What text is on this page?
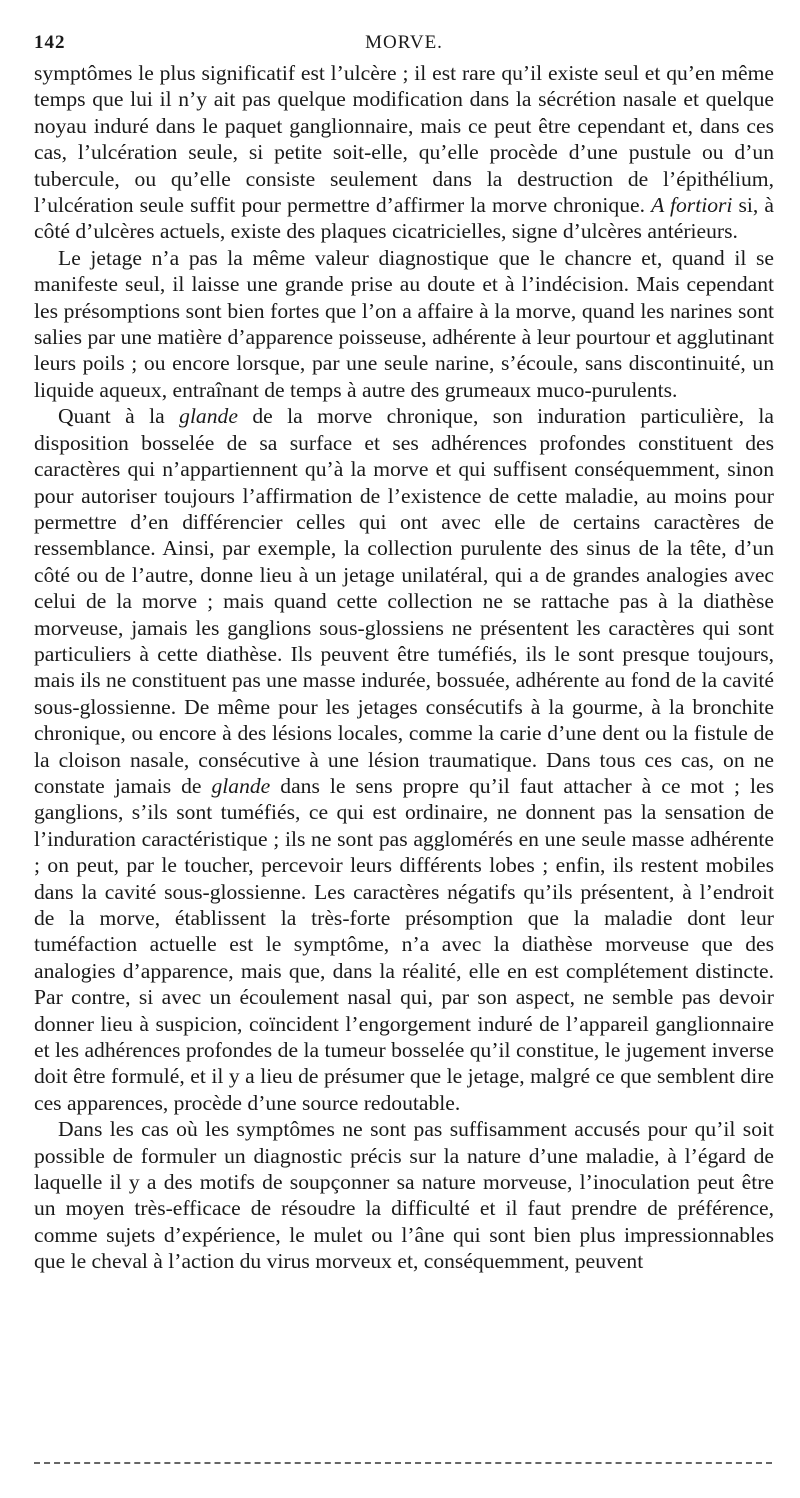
142	MORVE.

symptômes le plus significatif est l’ulcère ; il est rare qu’il existe seul et qu’en même temps que lui il n’y ait pas quelque modification dans la sécrétion nasale et quelque noyau induré dans le paquet ganglionnaire, mais ce peut être cependant et, dans ces cas, l’ulcération seule, si petite soit-elle, qu’elle procède d’une pustule ou d’un tubercule, ou qu’elle consiste seulement dans la destruction de l’épithélium, l’ulcération seule suffit pour permettre d’affirmer la morve chronique. A fortiori si, à côté d’ulcères actuels, existe des plaques cicatricielles, signe d’ulcères antérieurs.

Le jetage n’a pas la même valeur diagnostique que le chancre et, quand il se manifeste seul, il laisse une grande prise au doute et à l’indécision. Mais cependant les présomptions sont bien fortes que l’on a affaire à la morve, quand les narines sont salies par une matière d’apparence poisseuse, adhérente à leur pourtour et agglutinant leurs poils ; ou encore lorsque, par une seule narine, s’écoule, sans discontinuité, un liquide aqueux, entraînant de temps à autre des grumeaux muco-purulents.

Quant à la glande de la morve chronique, son induration particulière, la disposition bosselée de sa surface et ses adhérences profondes constituent des caractères qui n’appartiennent qu’à la morve et qui suffisent conséquemment, sinon pour autoriser toujours l’affirmation de l’existence de cette maladie, au moins pour permettre d’en différencier celles qui ont avec elle de certains caractères de ressemblance. Ainsi, par exemple, la collection purulente des sinus de la tête, d’un côté ou de l’autre, donne lieu à un jetage unilatéral, qui a de grandes analogies avec celui de la morve ; mais quand cette collection ne se rattache pas à la diathèse morveuse, jamais les ganglions sous-glossiens ne présentent les caractères qui sont particuliers à cette diathèse. Ils peuvent être tuméfiés, ils le sont presque toujours, mais ils ne constituent pas une masse indurée, bossuée, adhérente au fond de la cavité sous-glossienne. De même pour les jetages consécutifs à la gourme, à la bronchite chronique, ou encore à des lésions locales, comme la carie d’une dent ou la fistule de la cloison nasale, consécutive à une lésion traumatique. Dans tous ces cas, on ne constate jamais de glande dans le sens propre qu’il faut attacher à ce mot ; les ganglions, s’ils sont tuméfiés, ce qui est ordinaire, ne donnent pas la sensation de l’induration caractéristique ; ils ne sont pas agglomérés en une seule masse adhérente ; on peut, par le toucher, percevoir leurs différents lobes ; enfin, ils restent mobiles dans la cavité sous-glossienne. Les caractères négatifs qu’ils présentent, à l’endroit de la morve, établissent la très-forte présomption que la maladie dont leur tuméfaction actuelle est le symptôme, n’a avec la diathèse morveuse que des analogies d’apparence, mais que, dans la réalité, elle en est complétement distincte. Par contre, si avec un écoulement nasal qui, par son aspect, ne semble pas devoir donner lieu à suspicion, coïncident l’engorgement induré de l’appareil ganglionnaire et les adhérences profondes de la tumeur bosselée qu’il constitue, le jugement inverse doit être formulé, et il y a lieu de présumer que le jetage, malgré ce que semblent dire ces apparences, procède d’une source redoutable.

Dans les cas où les symptômes ne sont pas suffisamment accusés pour qu’il soit possible de formuler un diagnostic précis sur la nature d’une maladie, à l’égard de laquelle il y a des motifs de soupçonner sa nature morveuse, l’inoculation peut être un moyen très-efficace de résoudre la difficulté et il faut prendre de préférence, comme sujets d’expérience, le mulet ou l’âne qui sont bien plus impressionnables que le cheval à l’action du virus morveux et, conséquemment, peuvent
